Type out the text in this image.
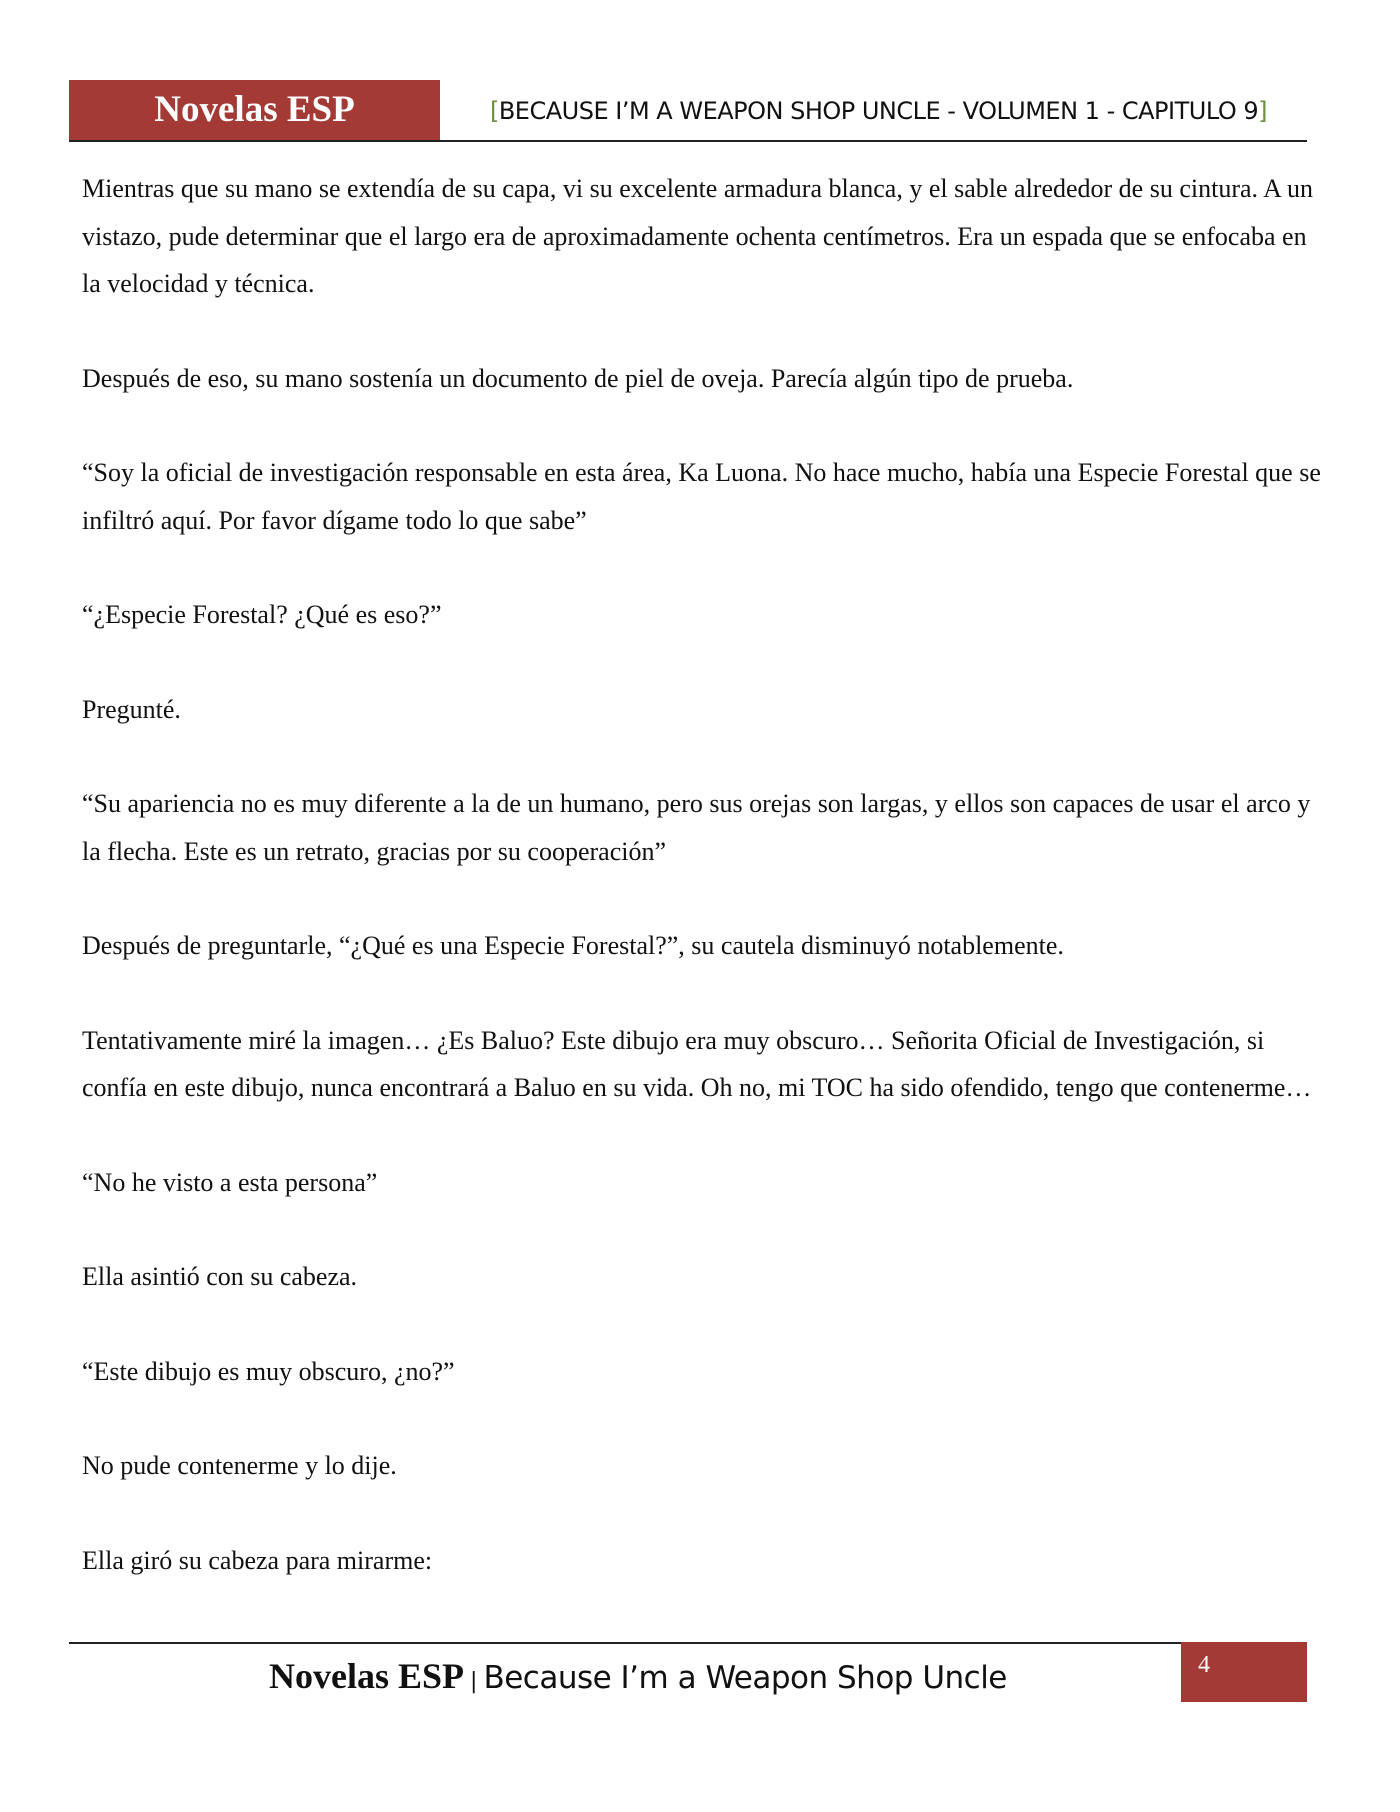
Novelas ESP	[BECAUSE I’M A WEAPON SHOP UNCLE - VOLUMEN 1 - CAPITULO 9]

Mientras que su mano se extendía de su capa, vi su excelente armadura blanca, y el sable alrededor de su cintura. A un vistazo, pude determinar que el largo era de aproximadamente ochenta centímetros. Era un espada que se enfocaba en la velocidad y técnica.

Después de eso, su mano sostenía un documento de piel de oveja. Parecía algún tipo de prueba.

“Soy la oficial de investigación responsable en esta área, Ka Luona. No hace mucho, había una Especie Forestal que se infiltró aquí. Por favor dígame todo lo que sabe”

“¿Especie Forestal? ¿Qué es eso?”

Pregunté.

“Su apariencia no es muy diferente a la de un humano, pero sus orejas son largas, y ellos son capaces de usar el arco y la flecha. Este es un retrato, gracias por su cooperación”

Después de preguntarle, “¿Qué es una Especie Forestal?”, su cautela disminuyó notablemente.

Tentativamente miré la imagen… ¿Es Baluo? Este dibujo era muy obscuro… Señorita Oficial de Investigación, si confía en este dibujo, nunca encontrará a Baluo en su vida. Oh no, mi TOC ha sido ofendido, tengo que contenerme…

“No he visto a esta persona”

Ella asintió con su cabeza.

“Este dibujo es muy obscuro, ¿no?”

No pude contenerme y lo dije.

Ella giró su cabeza para mirarme:

Novelas ESP | Because I’m a Weapon Shop Uncle	4
